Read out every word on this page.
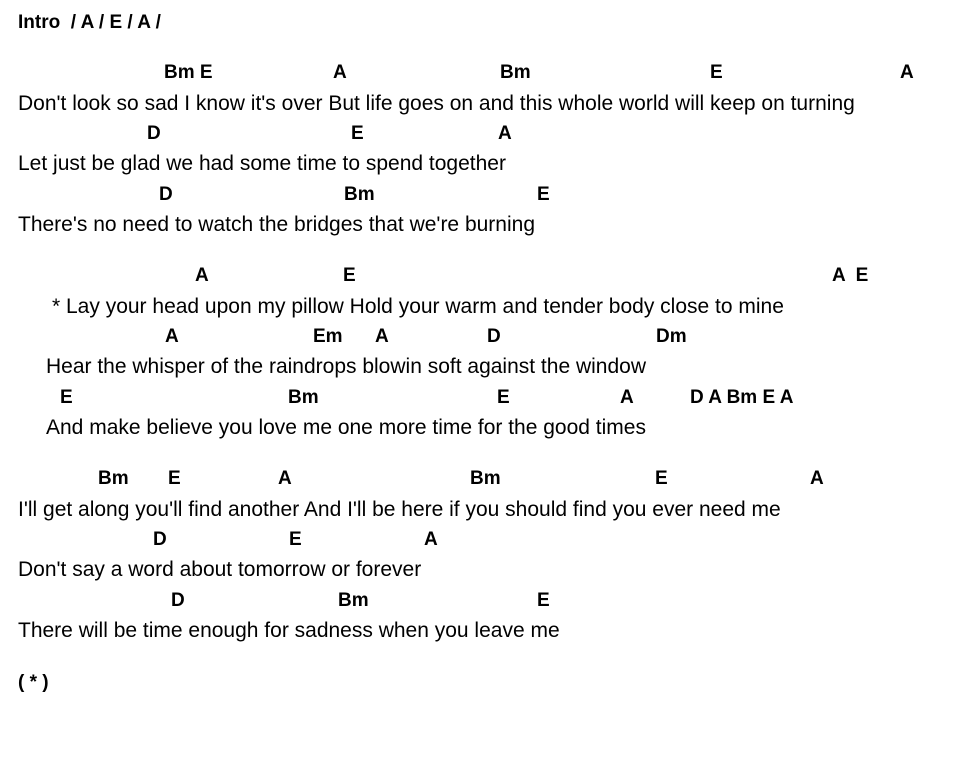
Intro  / A / E / A /
Bm E	A	Bm	E	A
Don't look so sad I know it's over But life goes on and this whole world will keep on turning
D	E	A
Let just be glad we had some time to spend together
D	Bm	E
There's no need to watch the bridges that we're burning
A	E	A  E
* Lay your head upon my pillow Hold your warm and tender body close to mine
A	Em A	D	Dm
Hear the whisper of the raindrops blowin soft against the window
E	Bm	E	A	D A Bm E A
And make believe you love me one more time for the good times
Bm E	A	Bm	E	A
I'll get along you'll find another And I'll be here if you should find you ever need me
D	E	A
Don't say a word about tomorrow or forever
D	Bm	E
There will be time enough for sadness when you leave me
( * )
